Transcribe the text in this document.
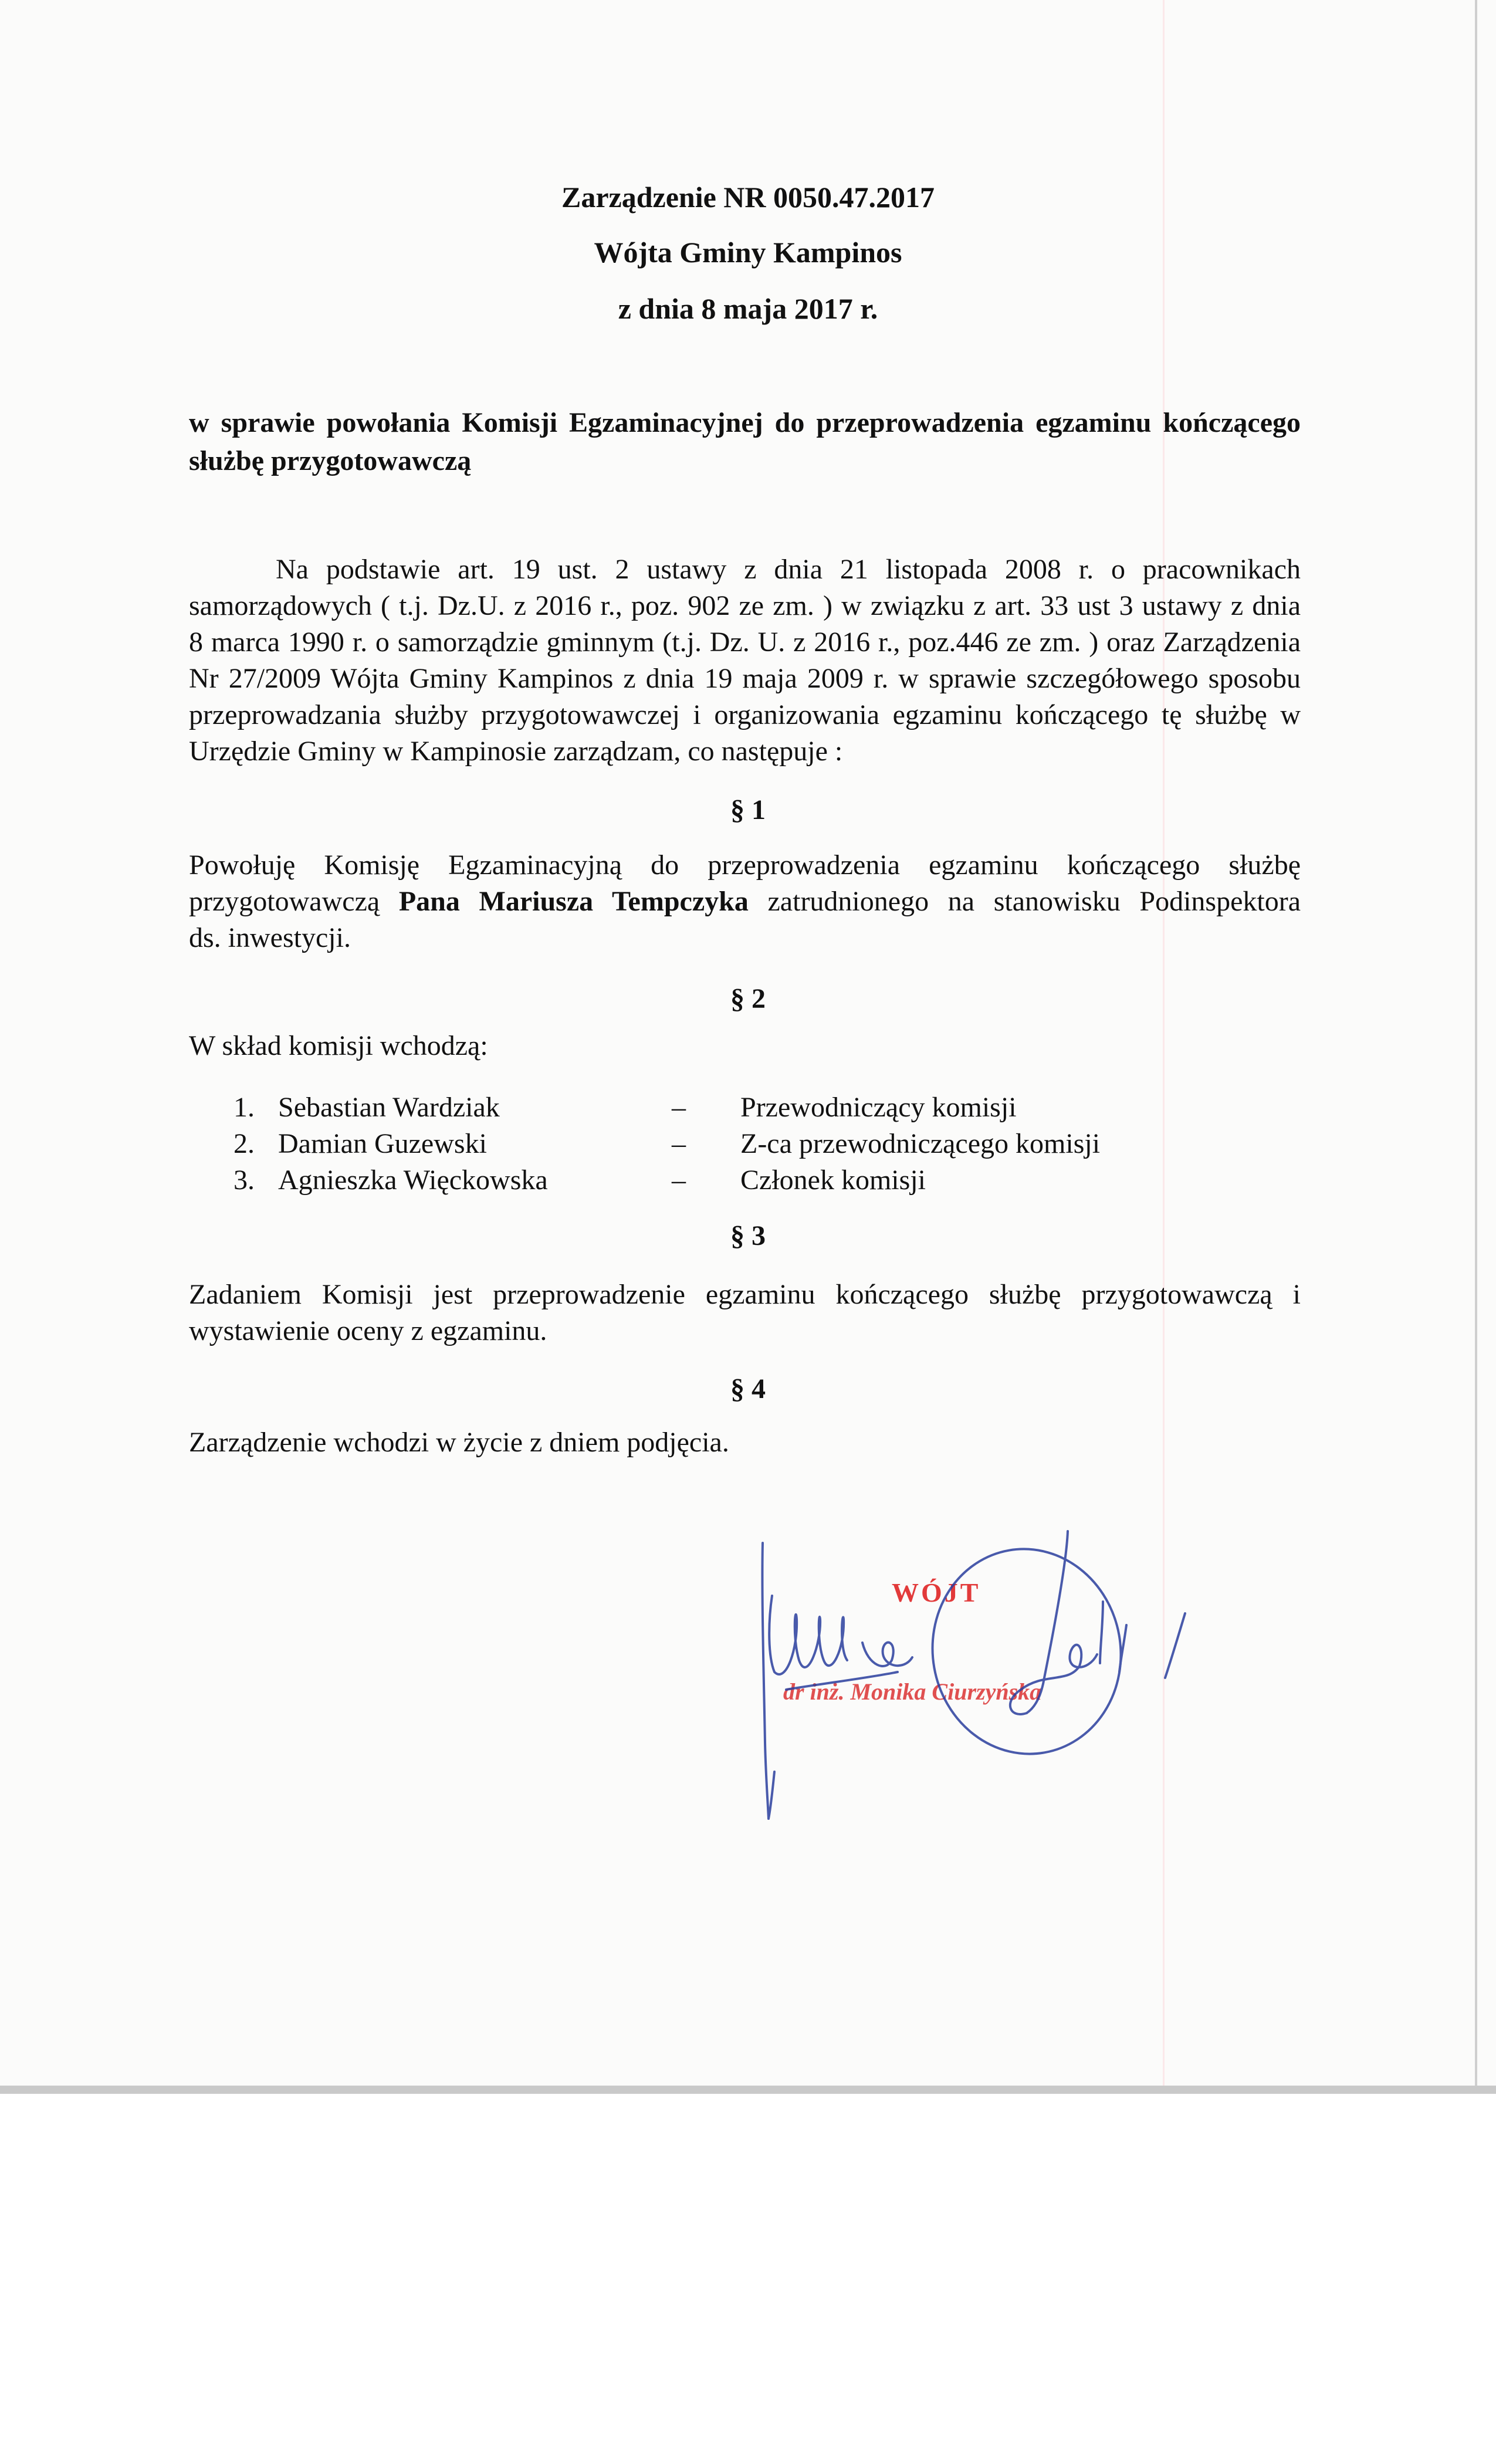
Zarządzenie NR 0050.47.2017
Wójta Gminy Kampinos
z dnia 8 maja 2017 r.
w sprawie powołania Komisji Egzaminacyjnej do przeprowadzenia egzaminu kończącego
służbę przygotowawczą
Na podstawie art. 19 ust. 2 ustawy z dnia 21 listopada 2008 r. o pracownikach
samorządowych ( t.j. Dz.U. z 2016 r., poz. 902 ze zm. ) w związku z art. 33 ust 3 ustawy z dnia
8 marca 1990 r. o samorządzie gminnym (t.j. Dz. U. z 2016 r., poz.446 ze zm. ) oraz Zarządzenia
Nr 27/2009 Wójta Gminy Kampinos z dnia 19 maja 2009 r. w sprawie szczegółowego sposobu
przeprowadzania służby przygotowawczej i organizowania egzaminu kończącego tę służbę w
Urzędzie Gminy w Kampinosie zarządzam, co następuje :
§ 1
Powołuję Komisję Egzaminacyjną do przeprowadzenia egzaminu kończącego służbę
przygotowawczą Pana Mariusza Tempczyka zatrudnionego na stanowisku Podinspektora
ds. inwestycji.
§ 2
W skład komisji wchodzą:
1. Sebastian Wardziak	– Przewodniczący komisji
2. Damian Guzewski	– Z-ca przewodniczącego komisji
3. Agnieszka Więckowska	– Członek komisji
§ 3
Zadaniem Komisji jest przeprowadzenie egzaminu kończącego służbę przygotowawczą i
wystawienie oceny z egzaminu.
§ 4
Zarządzenie wchodzi w życie z dniem podjęcia.
WÓJT
dr inż. Monika Ciurzyńska
